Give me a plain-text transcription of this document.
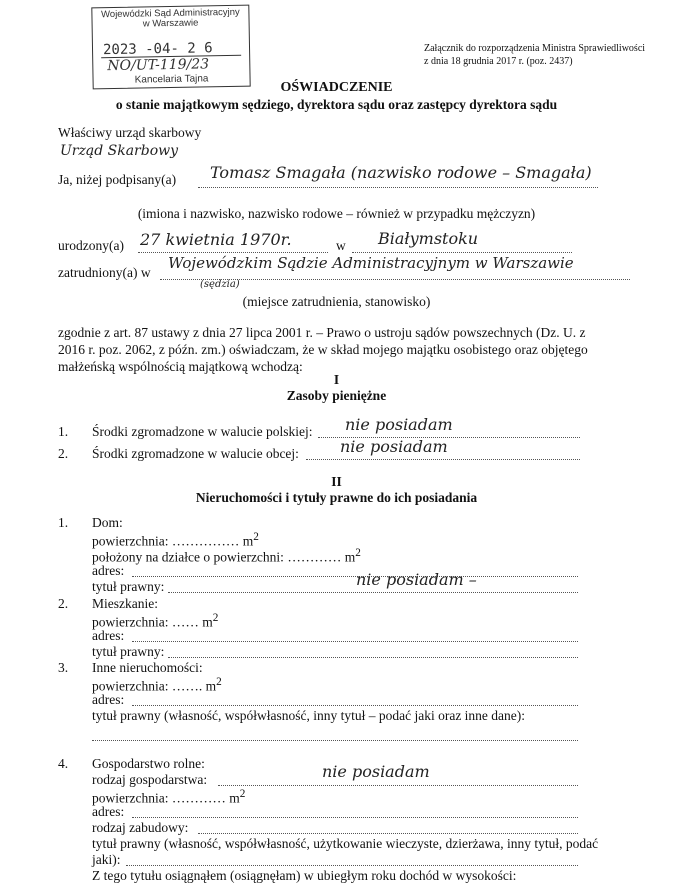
Wojewódzki Sąd Administracyjny
w Warszawie
2023 -04- 2 6
NO/UT-119/23
Kancelaria Tajna
Załącznik do rozporządzenia Ministra Sprawiedliwości
z dnia 18 grudnia 2017 r. (poz. 2437)
OŚWIADCZENIE
o stanie majątkowym sędziego, dyrektora sądu oraz zastępcy dyrektora sądu
Właściwy urząd skarbowy
Urząd Skarbowy
Ja, niżej podpisany(a) Tomasz Smagała (nazwisko rodowe – Smagała)
(imiona i nazwisko, nazwisko rodowe – również w przypadku mężczyzn)
urodzony(a) 27 kwietnia 1970r.	w Białymstoku
zatrudniony(a) w
Wojewódzkim Sądzie Administracyjnym w Warszawie
(sędzia)
(miejsce zatrudnienia, stanowisko)
zgodnie z art. 87 ustawy z dnia 27 lipca 2001 r. – Prawo o ustroju sądów powszechnych (Dz. U. z
2016 r. poz. 2062, z późn. zm.) oświadczam, że w skład mojego majątku osobistego oraz objętego
małżeńską wspólnością majątkową wchodzą:
I
Zasoby pieniężne
1. Środki zgromadzone w walucie polskiej: nie posiadam
2. Środki zgromadzone w walucie obcej:	nie posiadam
II
Nieruchomości i tytuły prawne do ich posiadania
1. Dom:
powierzchnia: …………… $m^2$
położony na działce o powierzchni: ………… $m^2$
adres:
tytuł prawny:	nie posiadam –
2. Mieszkanie:
powierzchnia: …… $m^2$
adres:
tytuł prawny:
3. Inne nieruchomości:
powierzchnia: ……. $m^2$
adres:
tytuł prawny (własność, współwłasność, inny tytuł – podać jaki oraz inne dane):
4. Gospodarstwo rolne:
rodzaj gospodarstwa:	nie posiadam
powierzchnia: ………… $m^2$
adres:
rodzaj zabudowy:
tytuł prawny (własność, współwłasność, użytkowanie wieczyste, dzierżawa, inny tytuł, podać
jaki):
Z tego tytułu osiągnąłem (osiągnęłam) w ubiegłym roku dochód w wysokości:
